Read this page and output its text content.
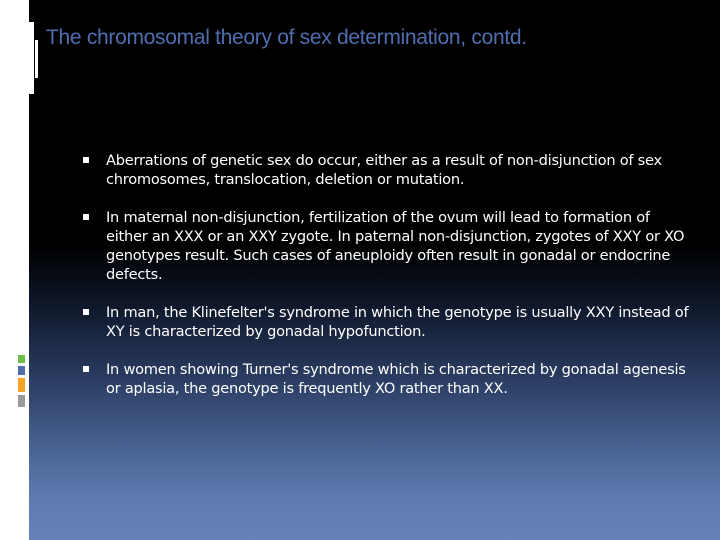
The chromosomal theory of sex determination, contd.
Aberrations of genetic sex do occur, either as a result of non-disjunction of sex chromosomes, translocation, deletion or mutation.
In maternal non-disjunction, fertilization of the ovum will lead to formation of either an XXX or an XXY zygote. In paternal non-disjunction, zygotes of XXY or XO genotypes result. Such cases of aneuploidy often result in gonadal or endocrine defects.
In man, the Klinefelter's syndrome in which the genotype is usually XXY instead of XY is characterized by gonadal hypofunction.
In women showing Turner's syndrome which is characterized by gonadal agenesis or aplasia, the genotype is frequently XO rather than XX.
